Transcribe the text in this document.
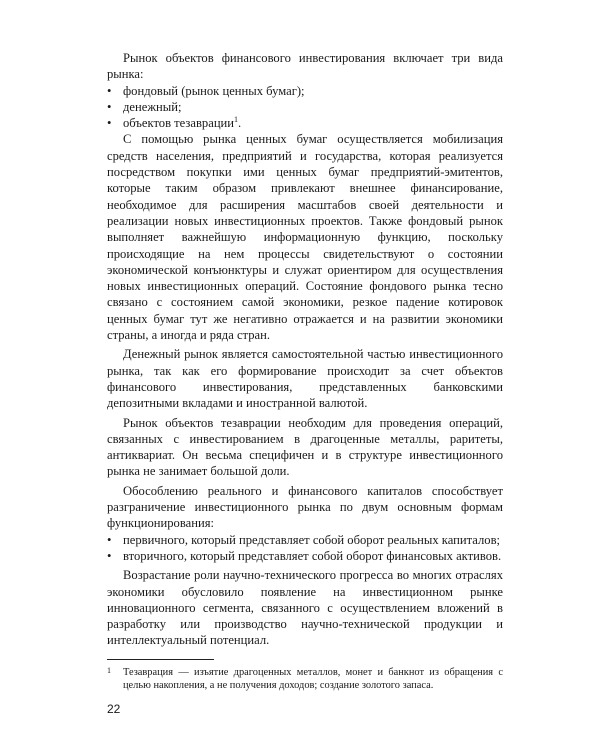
Рынок объектов финансового инвестирования включает три вида рынка:

• фондовый (рынок ценных бумаг);
• денежный;
• объектов тезаврации$^1$.

С помощью рынка ценных бумаг осуществляется мобилизация средств населения, предприятий и государства, которая реализуется посредством покупки ими ценных бумаг предприятий-эмитентов, которые таким образом привлекают внешнее финансирование, необходимое для расширения масштабов своей деятельности и реализации новых инвестиционных проектов. Также фондовый рынок выполняет важнейшую информационную функцию, поскольку происходящие на нем процессы свидетельствуют о состоянии экономической конъюнктуры и служат ориентиром для осуществления новых инвестиционных операций. Состояние фондового рынка тесно связано с состоянием самой экономики, резкое падение котировок ценных бумаг тут же негативно отражается и на развитии экономики страны, а иногда и ряда стран.

Денежный рынок является самостоятельной частью инвестиционного рынка, так как его формирование происходит за счет объектов финансового инвестирования, представленных банковскими депозитными вкладами и иностранной валютой.

Рынок объектов тезаврации необходим для проведения операций, связанных с инвестированием в драгоценные металлы, раритеты, антиквариат. Он весьма специфичен и в структуре инвестиционного рынка не занимает большой доли.

Обособлению реального и финансового капиталов способствует разграничение инвестиционного рынка по двум основным формам функционирования:

• первичного, который представляет собой оборот реальных капиталов;
• вторичного, который представляет собой оборот финансовых активов.

Возрастание роли научно-технического прогресса во многих отраслях экономики обусловило появление на инвестиционном рынке инновационного сегмента, связанного с осуществлением вложений в разработку или производство научно-технической продукции и интеллектуальный потенциал.

1 Тезаврация — изъятие драгоценных металлов, монет и банкнот из обращения с целью накопления, а не получения доходов; создание золотого запаса.
22
